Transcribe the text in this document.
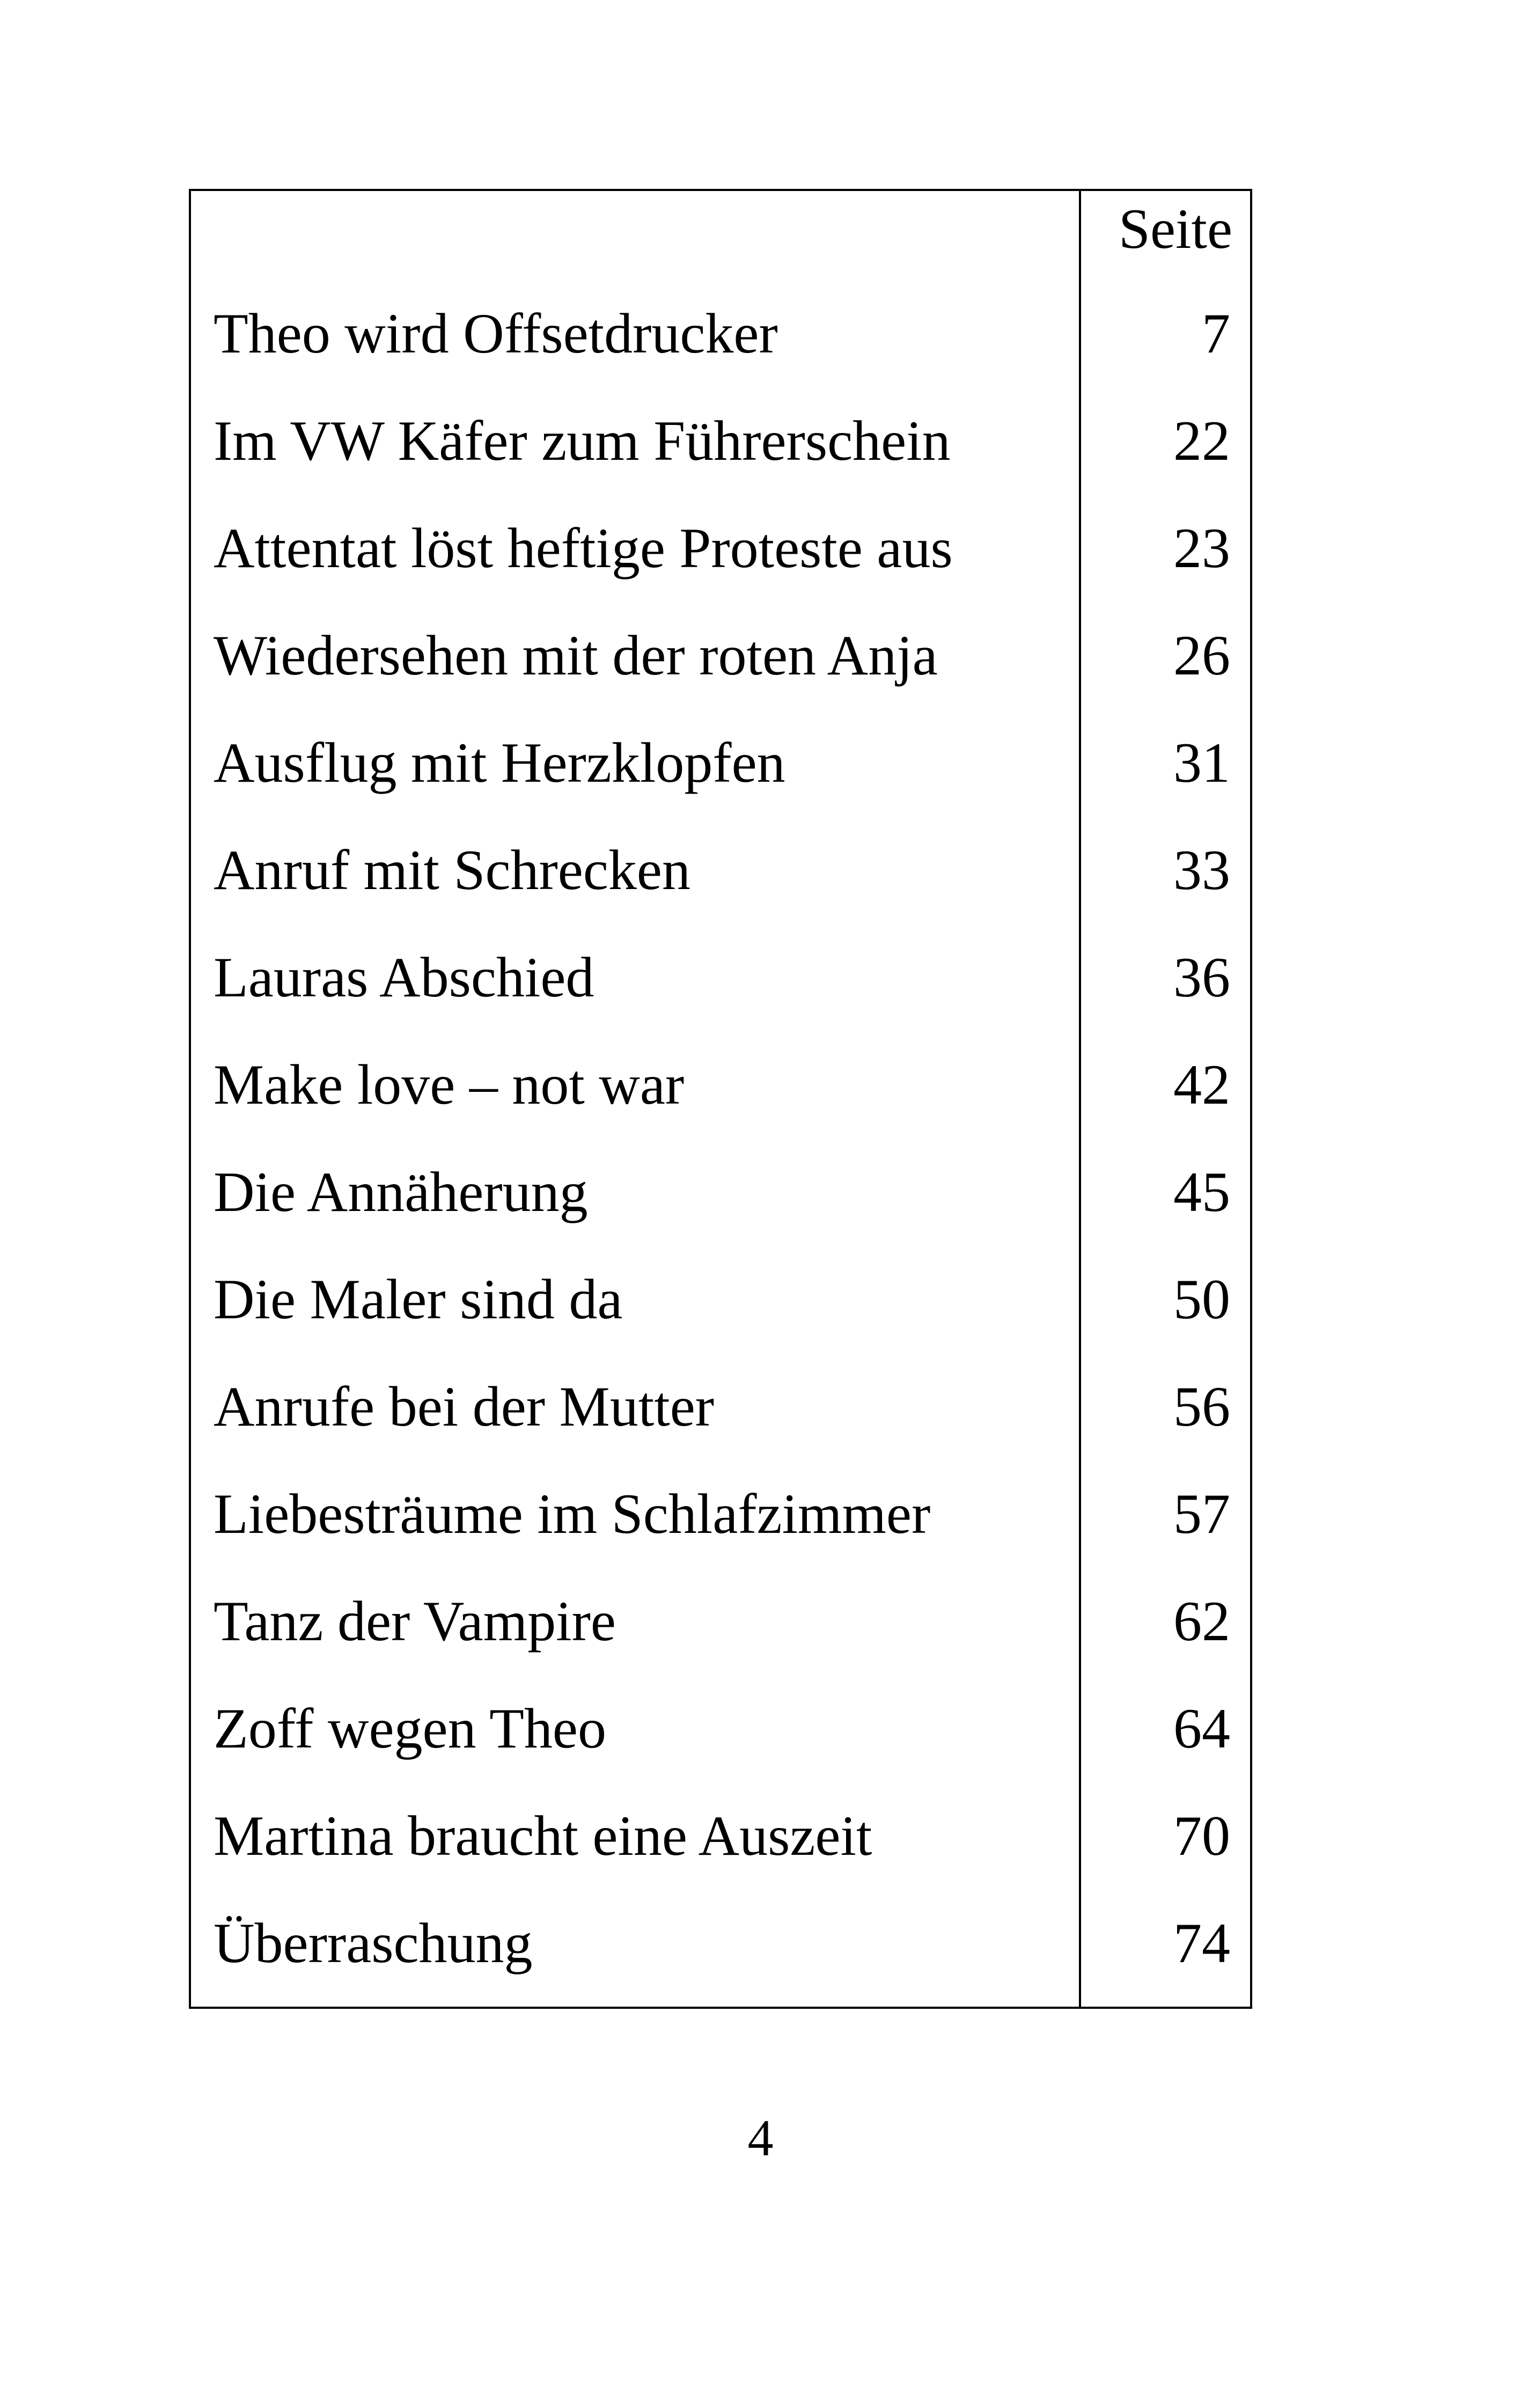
Seite
Theo wird Offsetdrucker	7
Im VW Käfer zum Führerschein	22
Attentat löst heftige Proteste aus	23
Wiedersehen mit der roten Anja	26
Ausflug mit Herzklopfen	31
Anruf mit Schrecken	33
Lauras Abschied	36
Make love – not war	42
Die Annäherung	45
Die Maler sind da	50
Anrufe bei der Mutter	56
Liebesträume im Schlafzimmer	57
Tanz der Vampire	62
Zoff wegen Theo	64
Martina braucht eine Auszeit	70
Überraschung	74
4
